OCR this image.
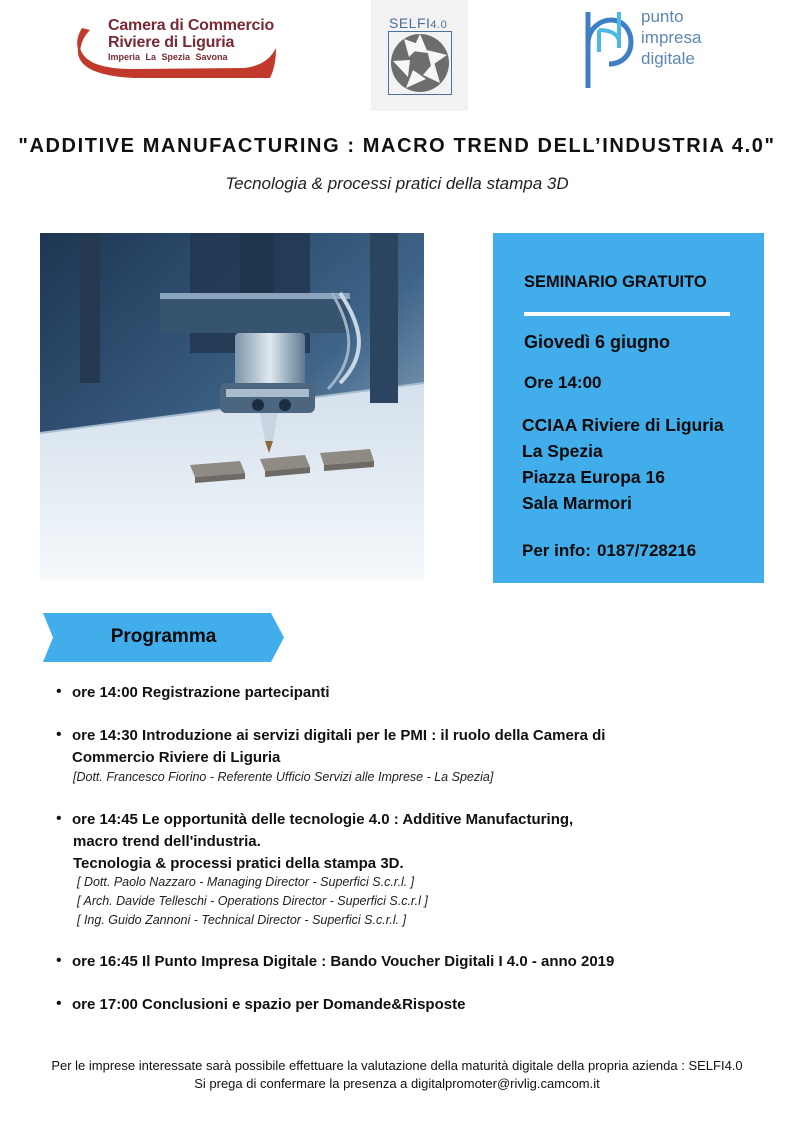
Camera di Commercio
Riviere di Liguria
Imperia La Spezia Savona
SELFI4.0	punto
impresa
digitale
"ADDITIVE MANUFACTURING : MACRO TREND DELL’INDUSTRIA 4.0"
Tecnologia & processi pratici della stampa 3D
SEMINARIO GRATUITO
Giovedì 6 giugno
Ore 14:00
CCIAA Riviere di Liguria
La Spezia
Piazza Europa 16
Sala Marmori
Per info: 0187/728216
Programma
• ore 14:00 Registrazione partecipanti
• ore 14:30 Introduzione ai servizi digitali per le PMI : il ruolo della Camera di
Commercio Riviere di Liguria
[Dott. Francesco Fiorino - Referente Ufficio Servizi alle Imprese - La Spezia]
• ore 14:45 Le opportunità delle tecnologie 4.0 : Additive Manufacturing,
macro trend dell'industria.
Tecnologia & processi pratici della stampa 3D.
[ Dott. Paolo Nazzaro - Managing Director - Superfici S.c.r.l. ]
[ Arch. Davide Telleschi - Operations Director - Superfici S.c.r.l ]
[ Ing. Guido Zannoni - Technical Director - Superfici S.c.r.l. ]
• ore 16:45 Il Punto Impresa Digitale : Bando Voucher Digitali I 4.0 - anno 2019
• ore 17:00 Conclusioni e spazio per Domande&Risposte
Per le imprese interessate sarà possibile effettuare la valutazione della maturità digitale della propria azienda : SELFI4.0
Si prega di confermare la presenza a digitalpromoter@rivlig.camcom.it
